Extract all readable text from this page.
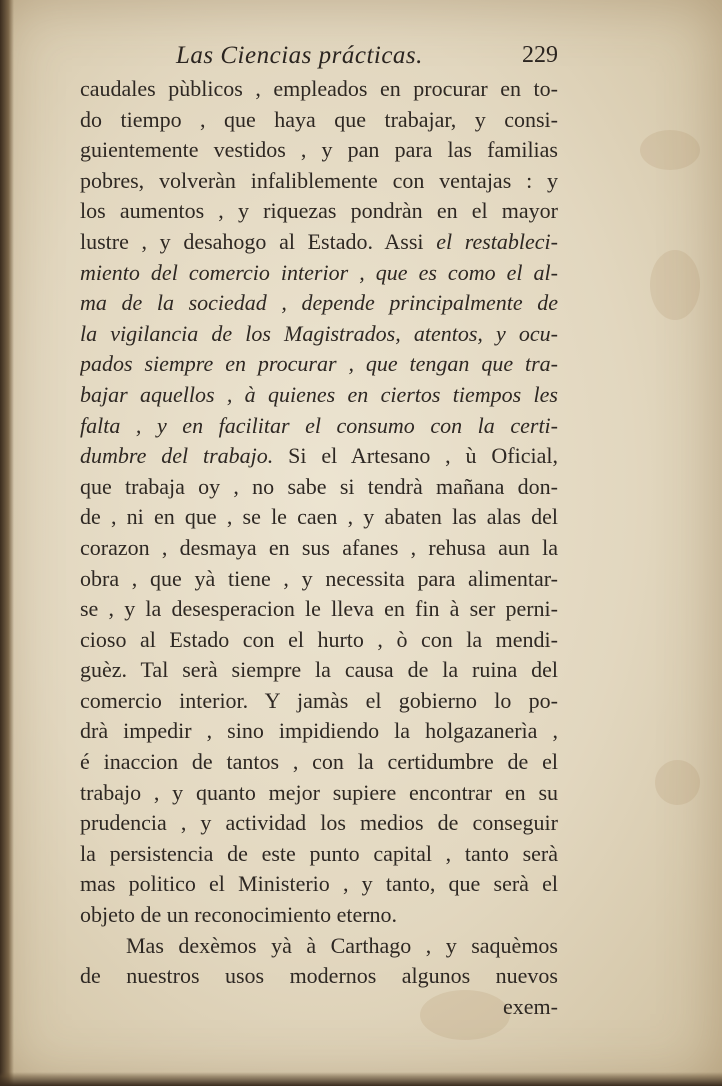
Las Ciencias prácticas.	229
caudales pùblicos , empleados en procurar en to-
do tiempo , que haya que trabajar, y consi-
guientemente vestidos , y pan para las familias
pobres, volveràn infaliblemente con ventajas : y
los aumentos , y riquezas pondràn en el mayor
lustre , y desahogo al Estado. Assi el restableci-
miento del comercio interior , que es como el al-
ma de la sociedad , depende principalmente de
la vigilancia de los Magistrados, atentos, y ocu-
pados siempre en procurar , que tengan que tra-
bajar aquellos , à quienes en ciertos tiempos les
falta , y en facilitar el consumo con la certi-
dumbre del trabajo. Si el Artesano , ù Oficial,
que trabaja oy , no sabe si tendrà mañana don-
de , ni en que , se le caen , y abaten las alas del
corazon , desmaya en sus afanes , rehusa aun la
obra , que yà tiene , y necessita para alimentar-
se , y la desesperacion le lleva en fin à ser perni-
cioso al Estado con el hurto , ò con la mendi-
guèz. Tal serà siempre la causa de la ruina del
comercio interior. Y jamàs el gobierno lo po-
drà impedir , sino impidiendo la holgazanerìa ,
é inaccion de tantos , con la certidumbre de el
trabajo , y quanto mejor supiere encontrar en su
prudencia , y actividad los medios de conseguir
la persistencia de este punto capital , tanto serà
mas politico el Ministerio , y tanto, que serà el
objeto de un reconocimiento eterno.
Mas dexèmos yà à Carthago , y saquèmos
de nuestros usos modernos algunos nuevos
exem-
